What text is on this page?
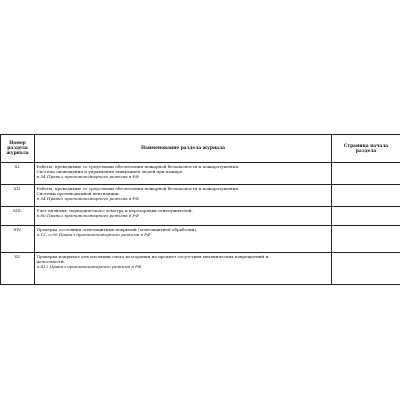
Номер раздела журнала	Наименование раздела журнала	Страница начала раздела
XI.	Работы, проводимые со средствами обеспечения пожарной безопасности и пожаротушения.
Система оповещения и управления эвакуацией людей при пожаре.
п.54 Правил противопожарного режима в РФ	

XII.	Работы, проводимые со средствами обеспечения пожарной безопасности и пожаротушения.
Системы противодымной вентиляции.
п.54 Правил противопожарного режима в РФ	

XIII.	Учет наличия, периодического осмотра и перезарядки огнетушителей.
п.60 Правил противопожарного режима в РФ	

XIV.	Проверка состояния огнезащитных покрытий (огнезащитной обработки).
п.13, п.90 Правил противопожарного режима в РФ	

XV.	Проверка покрывал для изоляции очага возгорания на предмет отсутствия механических повреждений и
целостности.
п.412 Правил противопожарного режима в РФ	
